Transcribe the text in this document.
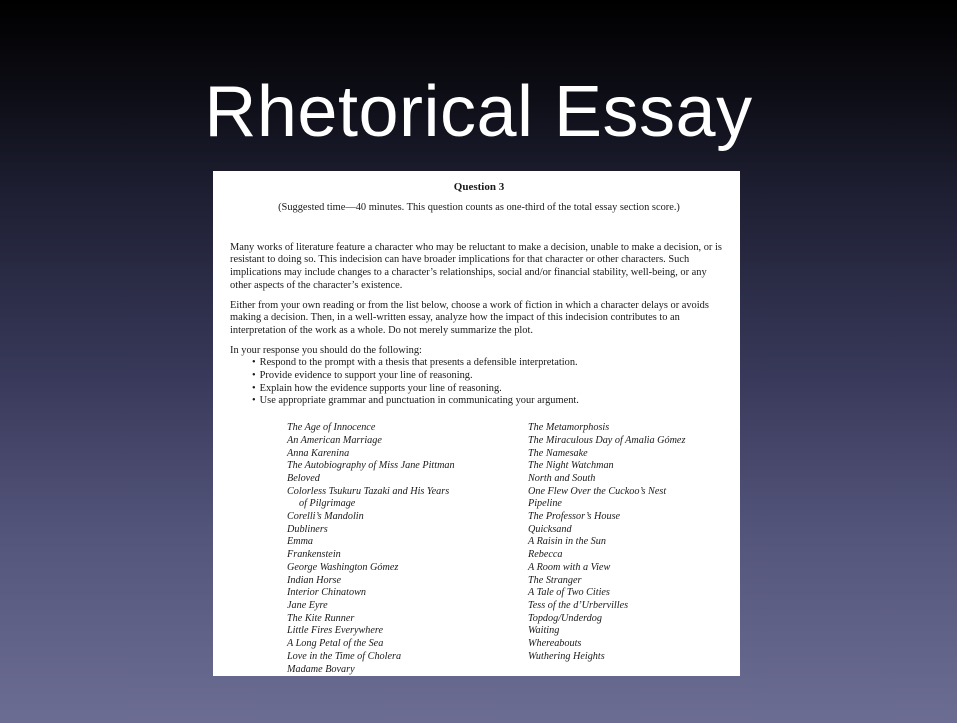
Rhetorical Essay

Question 3

(Suggested time—40 minutes. This question counts as one-third of the total essay section score.)

Many works of literature feature a character who may be reluctant to make a decision, unable to make a decision, or is resistant to doing so. This indecision can have broader implications for that character or other characters. Such implications may include changes to a character’s relationships, social and/or financial stability, well-being, or any other aspects of the character’s existence.

Either from your own reading or from the list below, choose a work of fiction in which a character delays or avoids making a decision. Then, in a well-written essay, analyze how the impact of this indecision contributes to an interpretation of the work as a whole. Do not merely summarize the plot.

In your response you should do the following:

• Respond to the prompt with a thesis that presents a defensible interpretation.
• Provide evidence to support your line of reasoning.
• Explain how the evidence supports your line of reasoning.
• Use appropriate grammar and punctuation in communicating your argument.
The Age of Innocence
An American Marriage
Anna Karenina
The Autobiography of Miss Jane Pittman
Beloved
Colorless Tsukuru Tazaki and His Years
of Pilgrimage
Corelli’s Mandolin
Dubliners
Emma
Frankenstein
George Washington Gómez
Indian Horse
Interior Chinatown
Jane Eyre
The Kite Runner
Little Fires Everywhere
A Long Petal of the Sea
Love in the Time of Cholera
Madame Bovary
The Metamorphosis
The Miraculous Day of Amalia Gómez
The Namesake
The Night Watchman
North and South
One Flew Over the Cuckoo’s Nest
Pipeline
The Professor’s House
Quicksand
A Raisin in the Sun
Rebecca
A Room with a View
The Stranger
A Tale of Two Cities
Tess of the d’Urbervilles
Topdog/Underdog
Waiting
Whereabouts
Wuthering Heights
